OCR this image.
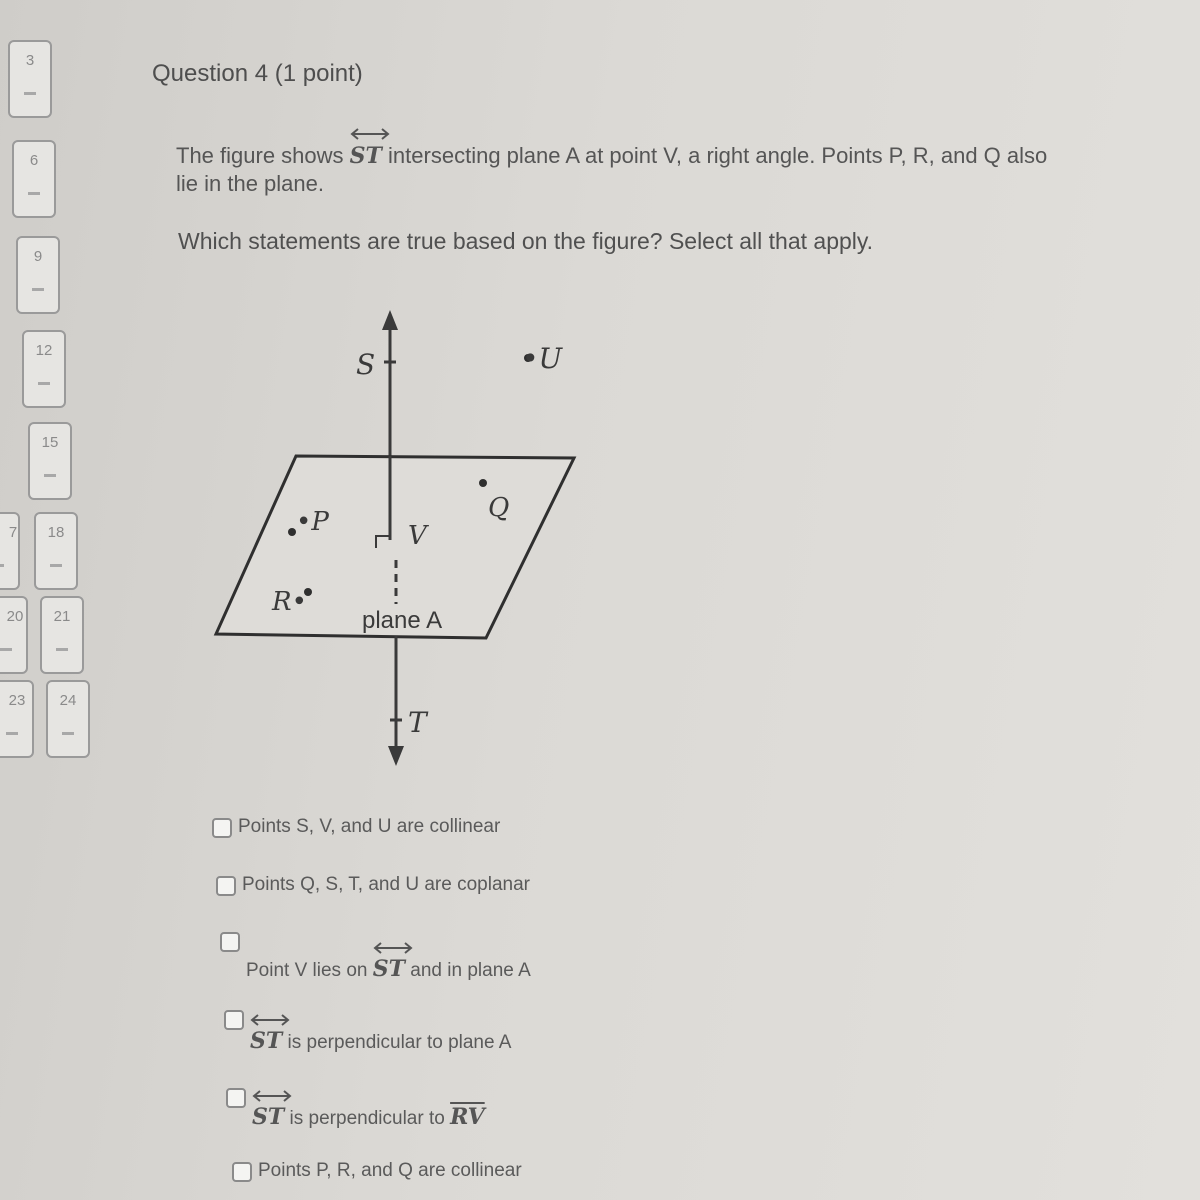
3
6
9
12
15
18
7
20	21
23	24
Question 4 (1 point)
The figure shows ST intersecting plane A at point V, a right angle. Points P, R, and Q also lie in the plane.
Which statements are true based on the figure? Select all that apply.
S	•U
•P	V
Q
R•
plane A
T
Points S, V, and U are collinear
Points Q, S, T, and U are coplanar
Point V lies on ST and in plane A
ST is perpendicular to plane A
ST is perpendicular to $\overline{RV}$
Points P, R, and Q are collinear
